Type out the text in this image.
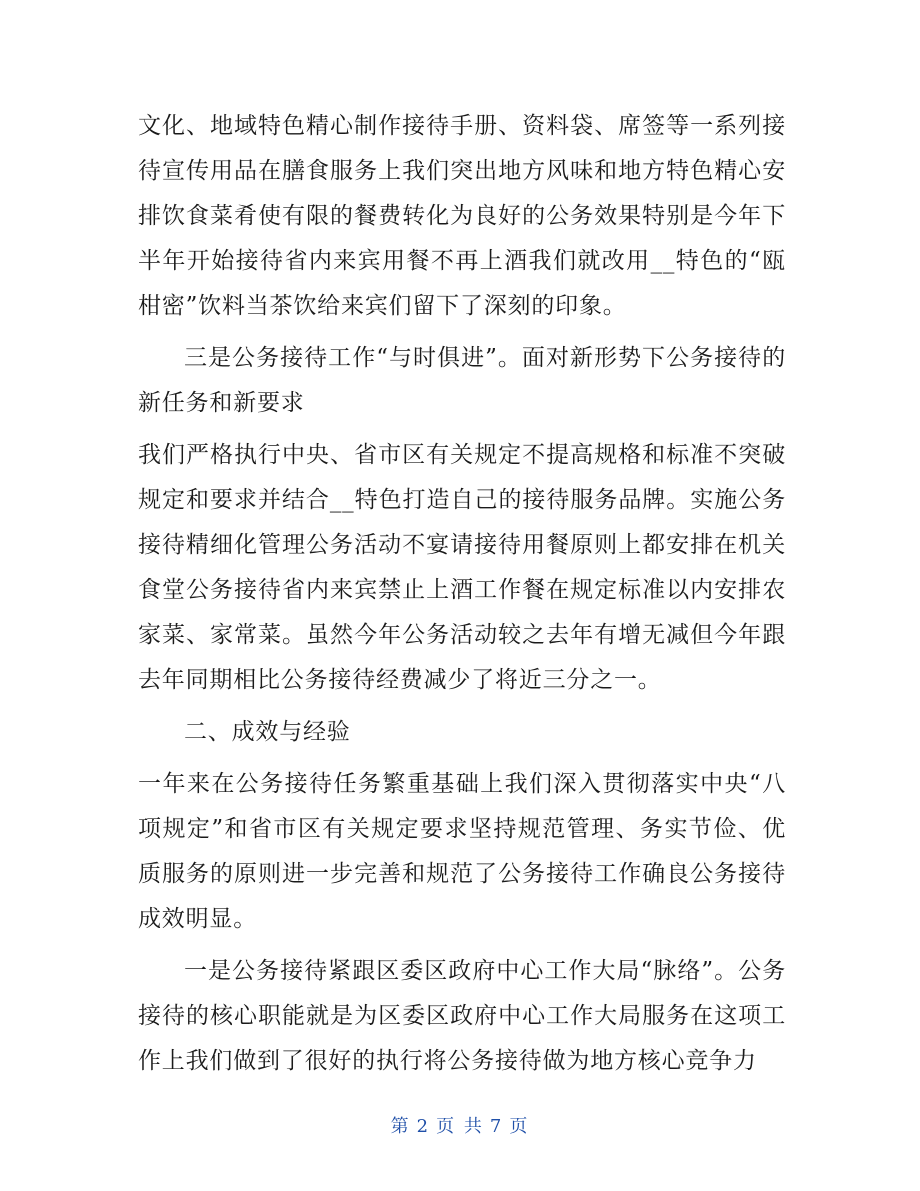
文化、地域特色精心制作接待手册、资料袋、席签等一系列接待宣传用品在膳食服务上我们突出地方风味和地方特色精心安排饮食菜肴使有限的餐费转化为良好的公务效果特别是今年下半年开始接待省内来宾用餐不再上酒我们就改用__特色的“瓯柑密”饮料当茶饮给来宾们留下了深刻的印象。

三是公务接待工作“与时俱进”。面对新形势下公务接待的新任务和新要求

我们严格执行中央、省市区有关规定不提高规格和标准不突破规定和要求并结合__特色打造自己的接待服务品牌。实施公务接待精细化管理公务活动不宴请接待用餐原则上都安排在机关食堂公务接待省内来宾禁止上酒工作餐在规定标准以内安排农家菜、家常菜。虽然今年公务活动较之去年有增无减但今年跟去年同期相比公务接待经费减少了将近三分之一。

二、成效与经验

一年来在公务接待任务繁重基础上我们深入贯彻落实中央“八项规定”和省市区有关规定要求坚持规范管理、务实节俭、优质服务的原则进一步完善和规范了公务接待工作确良公务接待成效明显。

一是公务接待紧跟区委区政府中心工作大局“脉络”。公务接待的核心职能就是为区委区政府中心工作大局服务在这项工作上我们做到了很好的执行将公务接待做为地方核心竞争力

第 2 页 共 7 页
